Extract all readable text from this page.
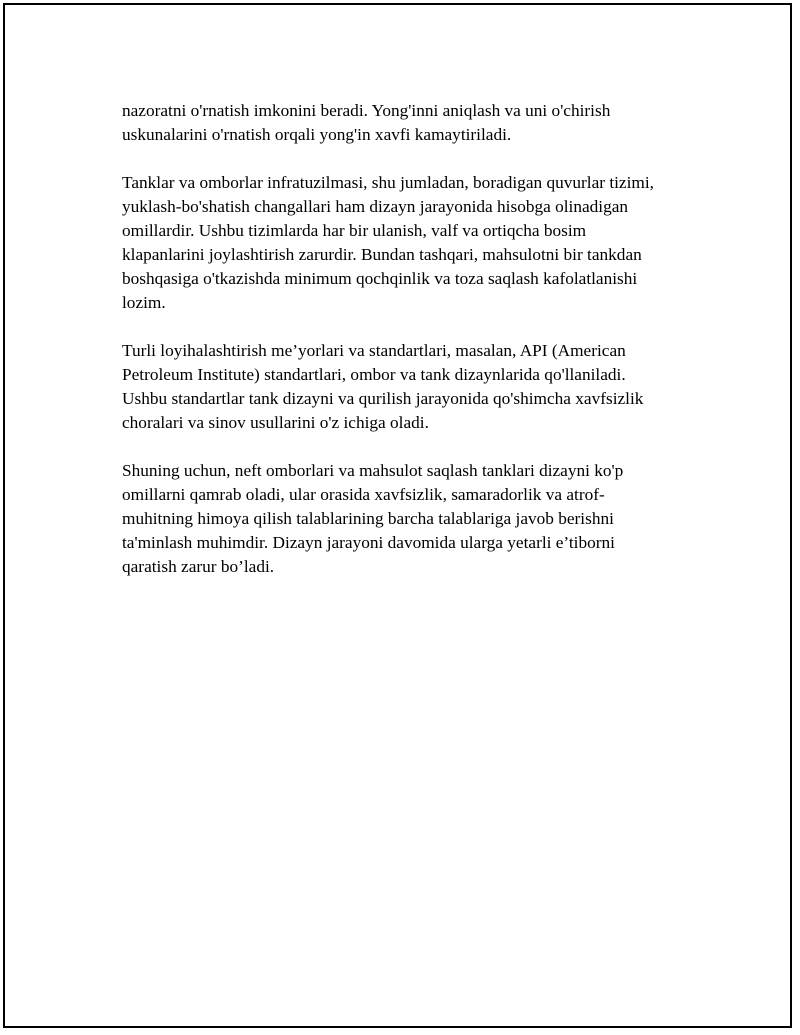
nazoratni o'rnatish imkonini beradi. Yong'inni aniqlash va uni o'chirish
uskunalarini o'rnatish orqali yong'in xavfi kamaytiriladi.

Tanklar va omborlar infratuzilmasi, shu jumladan, boradigan quvurlar tizimi,
yuklash-bo'shatish changallari ham dizayn jarayonida hisobga olinadigan
omillardir. Ushbu tizimlarda har bir ulanish, valf va ortiqcha bosim
klapanlarini joylashtirish zarurdir. Bundan tashqari, mahsulotni bir tankdan
boshqasiga o'tkazishda minimum qochqinlik va toza saqlash kafolatlanishi
lozim.

Turli loyihalashtirish me’yorlari va standartlari, masalan, API (American
Petroleum Institute) standartlari, ombor va tank dizaynlarida qo'llaniladi.
Ushbu standartlar tank dizayni va qurilish jarayonida qo'shimcha xavfsizlik
choralari va sinov usullarini o'z ichiga oladi.

Shuning uchun, neft omborlari va mahsulot saqlash tanklari dizayni ko'p
omillarni qamrab oladi, ular orasida xavfsizlik, samaradorlik va atrof-
muhitning himoya qilish talablarining barcha talablariga javob berishni
ta'minlash muhimdir. Dizayn jarayoni davomida ularga yetarli e’tiborni
qaratish zarur bo’ladi.
